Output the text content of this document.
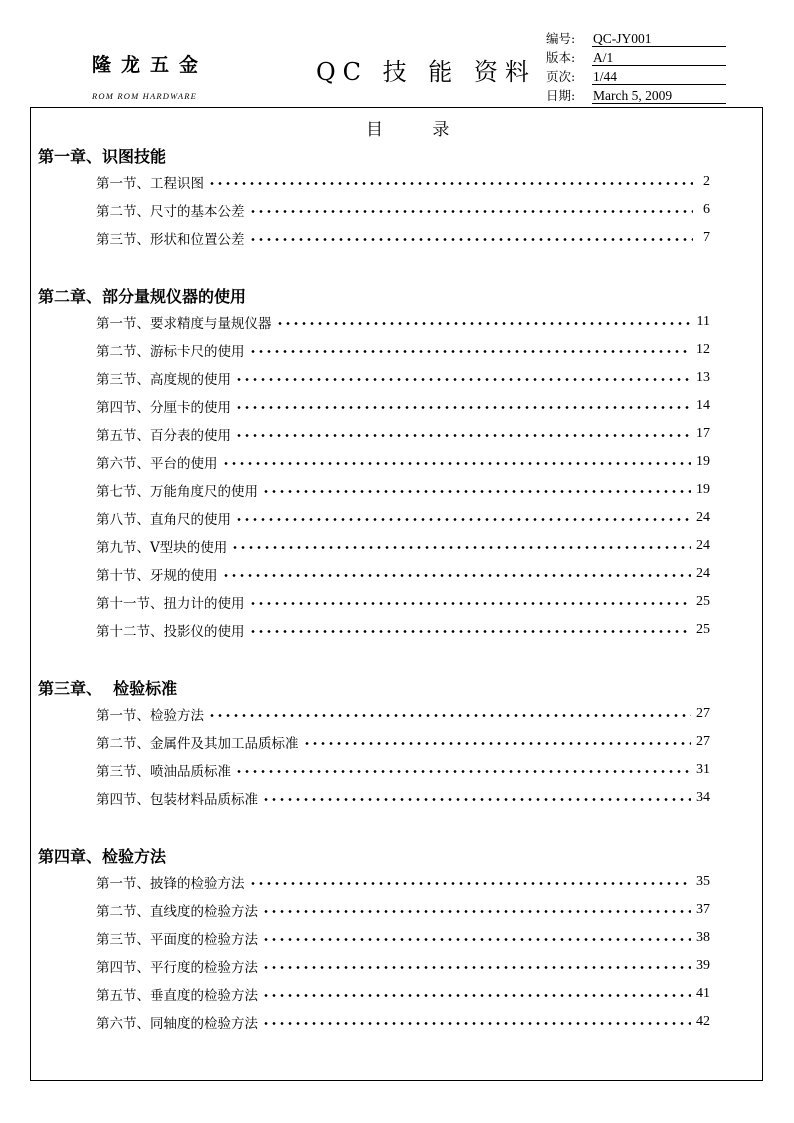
隆龙五金
ROM ROM HARDWARE
QC 技 能 资料
编号:	QC-JY001
版本:	A/1
页次:	1/44
日期:	March 5, 2009
目 录
第一章、识图技能
第一节、工程识图	2
第二节、尺寸的基本公差	6
第三节、形状和位置公差	7
第二章、部分量规仪器的使用
第一节、要求精度与量规仪器	11
第二节、游标卡尺的使用	12
第三节、高度规的使用	13
第四节、分厘卡的使用	14
第五节、百分表的使用	17
第六节、平台的使用	19
第七节、万能角度尺的使用	19
第八节、直角尺的使用	24
第九节、V型块的使用	24
第十节、牙规的使用	24
第十一节、扭力计的使用	25
第十二节、投影仪的使用	25
第三章、  检验标准
第一节、检验方法	27
第二节、金属件及其加工品质标准	27
第三节、喷油品质标准	31
第四节、包装材料品质标准	34
第四章、检验方法
第一节、披锋的检验方法	35
第二节、直线度的检验方法	37
第三节、平面度的检验方法	38
第四节、平行度的检验方法	39
第五节、垂直度的检验方法	41
第六节、同轴度的检验方法	42
